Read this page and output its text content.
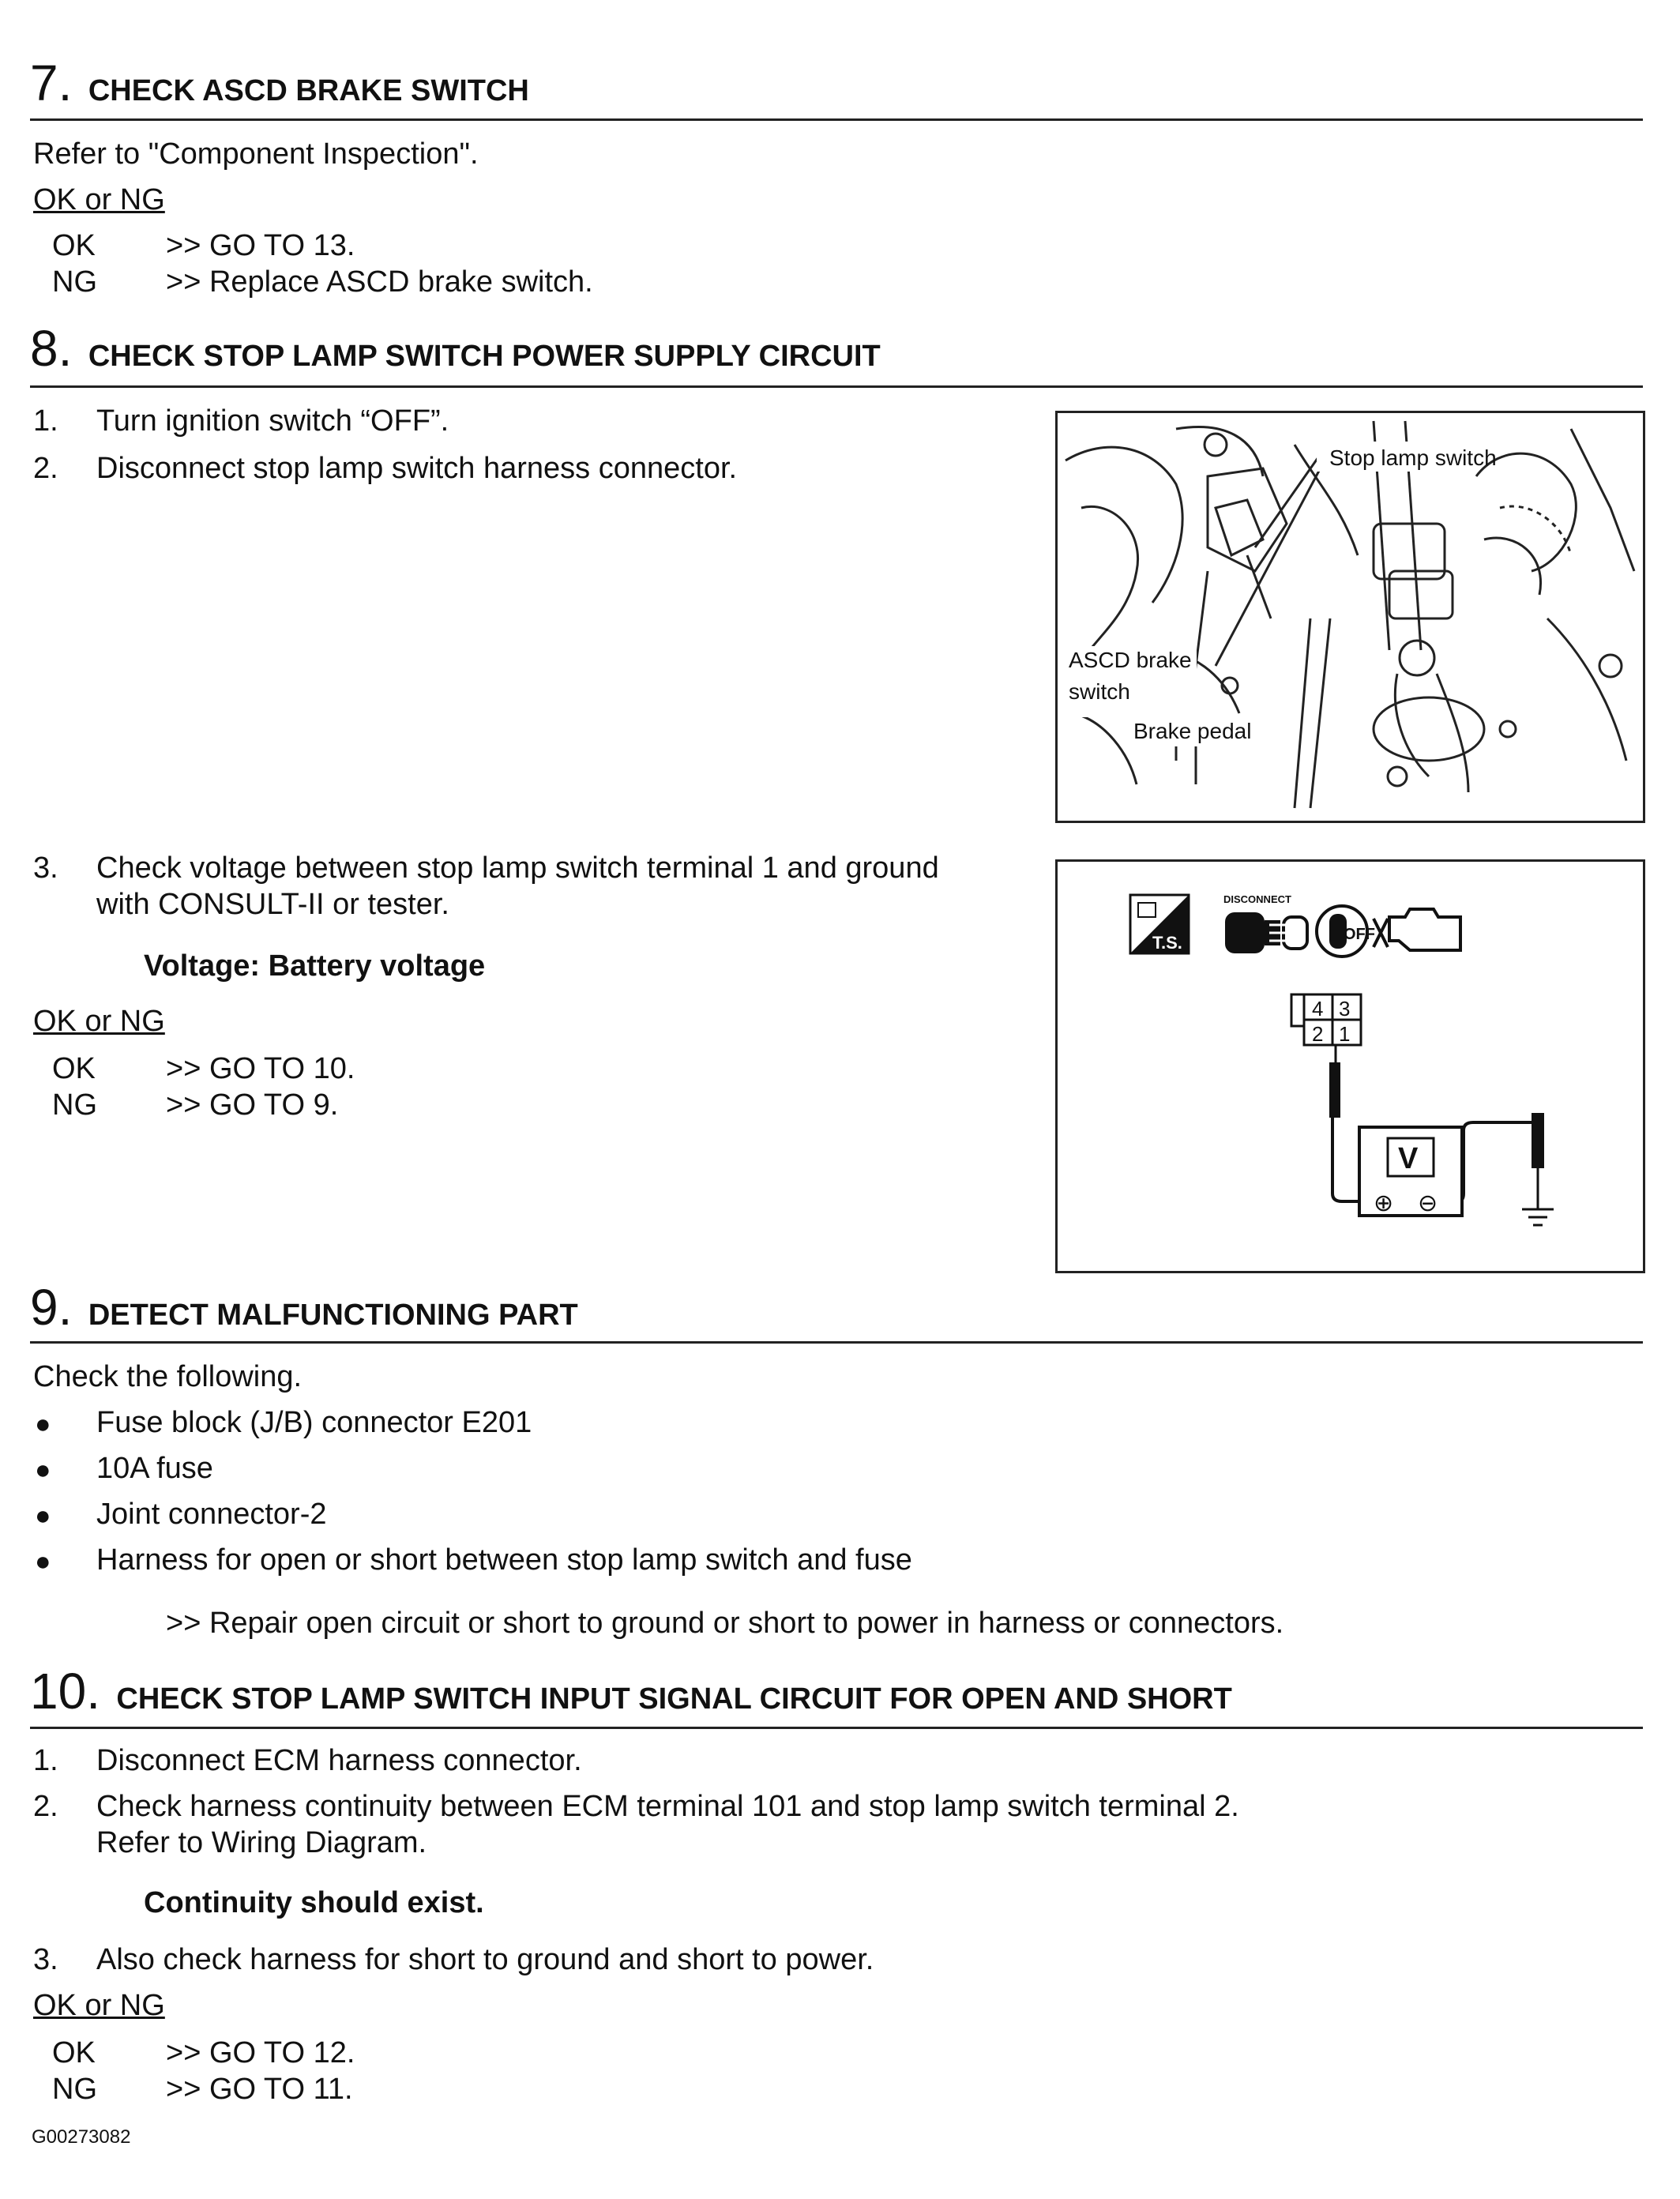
7. CHECK ASCD BRAKE SWITCH
Refer to "Component Inspection".
OK or NG
OK >> GO TO 13.
NG >> Replace ASCD brake switch.
8. CHECK STOP LAMP SWITCH POWER SUPPLY CIRCUIT
1. Turn ignition switch “OFF”.
2. Disconnect stop lamp switch harness connector.	Stop lamp switch
ASCD brake
switch
Brake pedal
3. Check voltage between stop lamp switch terminal 1 and ground
with CONSULT-II or tester.
Voltage: Battery voltage
OK or NG
OK >> GO TO 10.
NG >> GO TO 9.
T.S.
DISCONNECT
OFF
4 3
2 1
V
⊕ ⊖
9. DETECT MALFUNCTIONING PART
Check the following.
● Fuse block (J/B) connector E201
● 10A fuse
● Joint connector-2
● Harness for open or short between stop lamp switch and fuse
>> Repair open circuit or short to ground or short to power in harness or connectors.
10. CHECK STOP LAMP SWITCH INPUT SIGNAL CIRCUIT FOR OPEN AND SHORT
1. Disconnect ECM harness connector.
2. Check harness continuity between ECM terminal 101 and stop lamp switch terminal 2.
Refer to Wiring Diagram.
Continuity should exist.
3. Also check harness for short to ground and short to power.
OK or NG
OK >> GO TO 12.
NG >> GO TO 11.
G00273082
